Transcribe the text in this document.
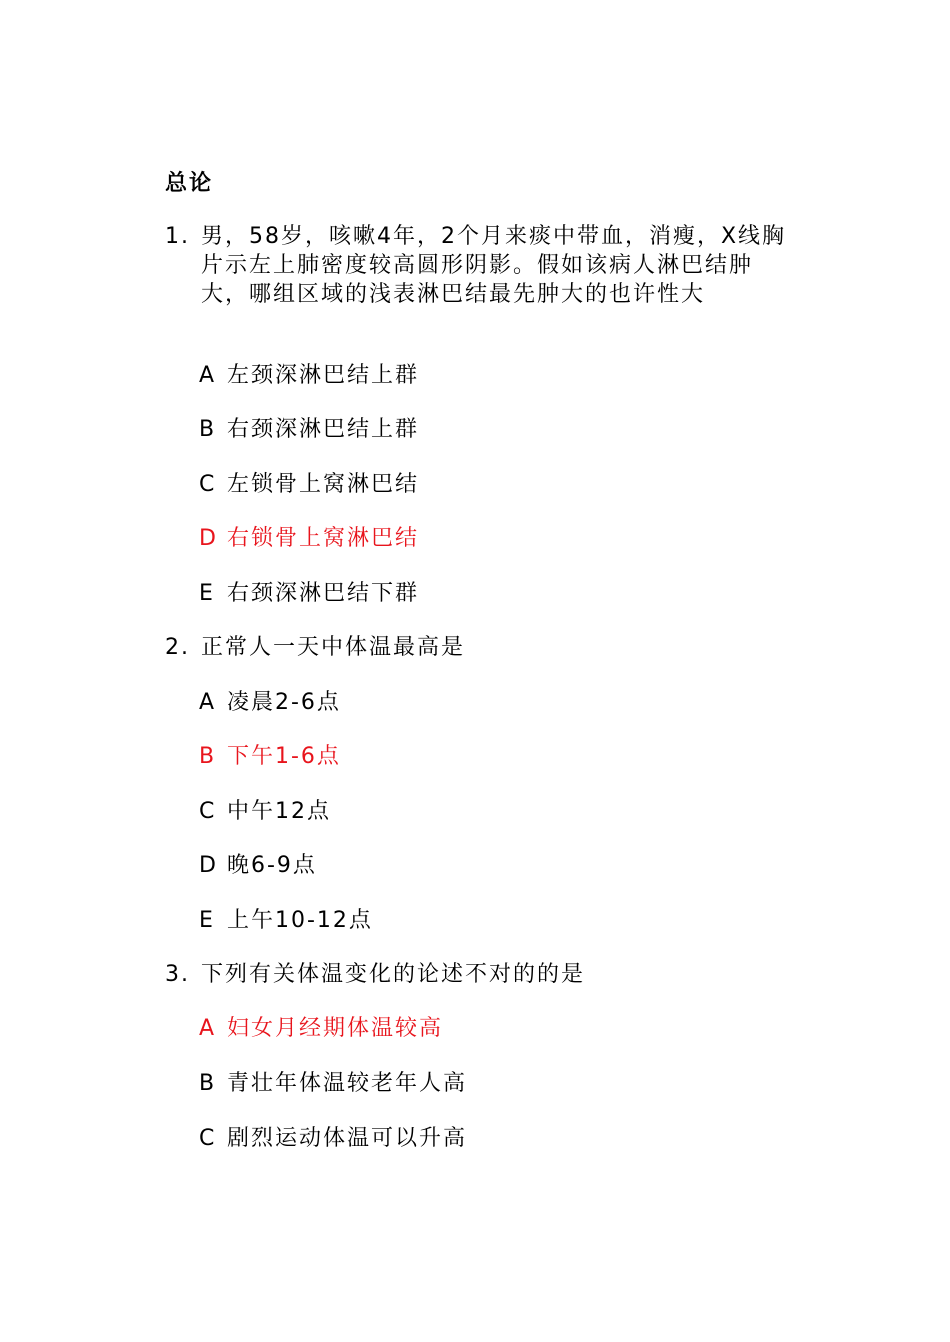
总论
1. 男，58岁，咳嗽4年，2个月来痰中带血，消瘦，X线胸片示左上肺密度较高圆形阴影。假如该病人淋巴结肿大，哪组区域的浅表淋巴结最先肿大的也许性大
A 左颈深淋巴结上群
B 右颈深淋巴结上群
C 左锁骨上窝淋巴结
D 右锁骨上窝淋巴结
E 右颈深淋巴结下群
2. 正常人一天中体温最高是
A 凌晨2-6点
B 下午1-6点
C 中午12点
D 晚6-9点
E 上午10-12点
3. 下列有关体温变化的论述不对的的是
A 妇女月经期体温较高
B 青壮年体温较老年人高
C 剧烈运动体温可以升高
